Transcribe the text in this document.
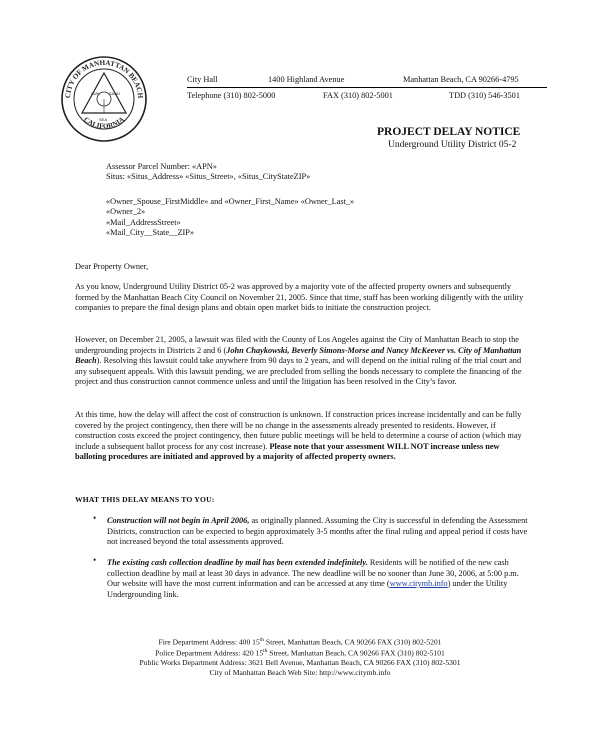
CITY OF MANHATTAN BEACH
CALIFORNIA
SUN SAND
SEA
City Hall	1400 Highland Avenue	Manhattan Beach, CA 90266-4795
Telephone (310) 802-5000	FAX (310) 802-5001	TDD (310) 546-3501
PROJECT DELAY NOTICE
Underground Utility District 05-2
Assessor Parcel Number: «APN»
Situs: «Situs_Address» «Situs_Street», «Situs_CityStateZIP»
«Owner_Spouse_FirstMiddle» and «Owner_First_Name» «Owner_Last_»
«Owner_2»
«Mail_AddressStreet»
«Mail_City__State__ZIP»
Dear Property Owner,

As you know, Underground Utility District 05-2 was approved by a majority vote of the affected property owners and subsequently formed by the Manhattan Beach City Council on November 21, 2005. Since that time, staff has been working diligently with the utility companies to prepare the final design plans and obtain open market bids to initiate the construction project.

However, on December 21, 2005, a lawsuit was filed with the County of Los Angeles against the City of Manhattan Beach to stop the undergrounding projects in Districts 2 and 6 (John Chaykowski, Beverly Simons-Morse and Nancy McKeever vs. City of Manhattan Beach). Resolving this lawsuit could take anywhere from 90 days to 2 years, and will depend on the initial ruling of the trial court and any subsequent appeals. With this lawsuit pending, we are precluded from selling the bonds necessary to complete the financing of the project and thus construction cannot commence unless and until the litigation has been resolved in the City’s favor.

At this time, how the delay will affect the cost of construction is unknown. If construction prices increase incidentally and can be fully covered by the project contingency, then there will be no change in the assessments already presented to residents. However, if construction costs exceed the project contingency, then future public meetings will be held to determine a course of action (which may include a subsequent ballot process for any cost increase). Please note that your assessment WILL NOT increase unless new balloting procedures are initiated and approved by a majority of affected property owners.

WHAT THIS DELAY MEANS TO YOU:
• Construction will not begin in April 2006, as originally planned. Assuming the City is successful in defending the Assessment Districts, construction can be expected to begin approximately 3-5 months after the final ruling and appeal period if costs have not increased beyond the total assessments approved.

• The existing cash collection deadline by mail has been extended indefinitely. Residents will be notified of the new cash collection deadline by mail at least 30 days in advance. The new deadline will be no sooner than June 30, 2006, at 5:00 p.m. Our website will have the most current information and can be accessed at any time (www.citymb.info) under the Utility Undergrounding link.

Fire Department Address: 400 15th Street, Manhattan Beach, CA 90266 FAX (310) 802-5201
Police Department Address: 420 15th Street, Manhattan Beach, CA 90266 FAX (310) 802-5101
Public Works Department Address: 3621 Bell Avenue, Manhattan Beach, CA 90266 FAX (310) 802-5301
City of Manhattan Beach Web Site: http://www.citymb.info
